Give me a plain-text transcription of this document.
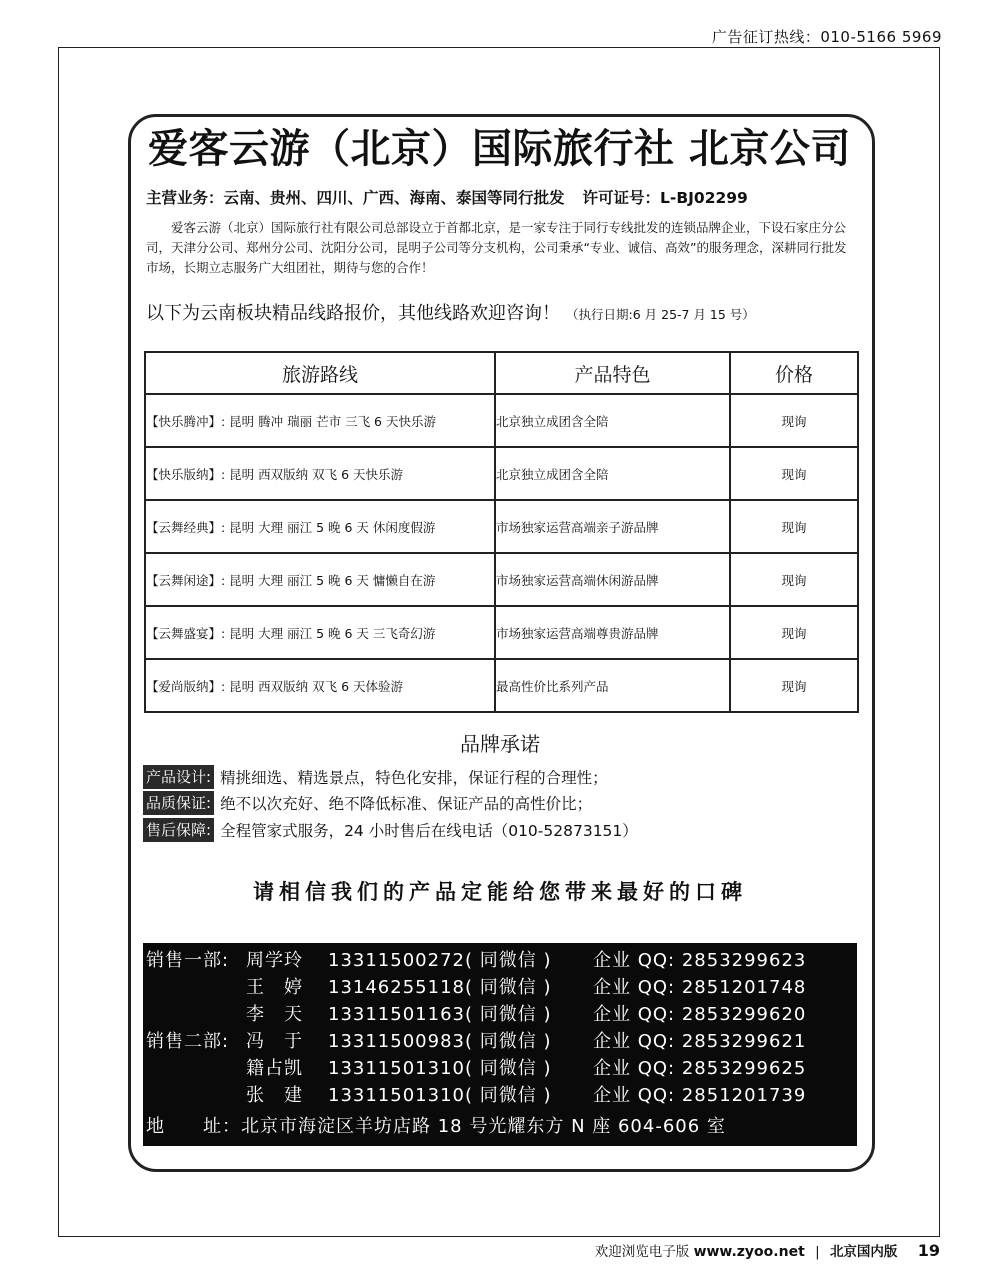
广告征订热线：010-5166 5969
爱客云游（北京）国际旅行社 北京公司
主营业务：云南、贵州、四川、广西、海南、泰国等同行批发 许可证号：L-BJ02299
爱客云游（北京）国际旅行社有限公司总部设立于首都北京，是一家专注于同行专线批发的连锁品牌企业，下设石家庄分公司，天津分公司、郑州分公司、沈阳分公司，昆明子公司等分支机构，公司秉承“专业、诚信、高效”的服务理念，深耕同行批发市场，长期立志服务广大组团社，期待与您的合作！
以下为云南板块精品线路报价，其他线路欢迎咨询！ （执行日期:6 月 25-7 月 15 号）
旅游路线	产品特色	价格
【快乐腾冲】: 昆明 腾冲 瑞丽 芒市 三飞 6 天快乐游	北京独立成团含全陪	现询
【快乐版纳】: 昆明 西双版纳 双飞 6 天快乐游	北京独立成团含全陪	现询
【云舞经典】: 昆明 大理 丽江 5 晚 6 天 休闲度假游	市场独家运营高端亲子游品牌	现询
【云舞闲途】: 昆明 大理 丽江 5 晚 6 天 慵懒自在游	市场独家运营高端休闲游品牌	现询
【云舞盛宴】: 昆明 大理 丽江 5 晚 6 天 三飞奇幻游	市场独家运营高端尊贵游品牌	现询
【爱尚版纳】: 昆明 西双版纳 双飞 6 天体验游	最高性价比系列产品	现询
品牌承诺
产品设计: 精挑细选、精选景点，特色化安排，保证行程的合理性；
品质保证: 绝不以次充好、绝不降低标准、保证产品的高性价比；
售后保障: 全程管家式服务，24 小时售后在线电话（010-52873151）
请相信我们的产品定能给您带来最好的口碑
销售一部: 周学玲 13311500272( 同微信 ) 企业 QQ: 2853299623
王　婷 13146255118( 同微信 ) 企业 QQ: 2851201748
李　天 13311501163( 同微信 ) 企业 QQ: 2853299620
销售二部: 冯　于 13311500983( 同微信 ) 企业 QQ: 2853299621
籍占凯 13311501310( 同微信 ) 企业 QQ: 2853299625
张　建 13311501310( 同微信 ) 企业 QQ: 2851201739
地　　址：北京市海淀区羊坊店路 18 号光耀东方 N 座 604-606 室
欢迎浏览电子版 www.zyoo.net | 北京国内版 19
